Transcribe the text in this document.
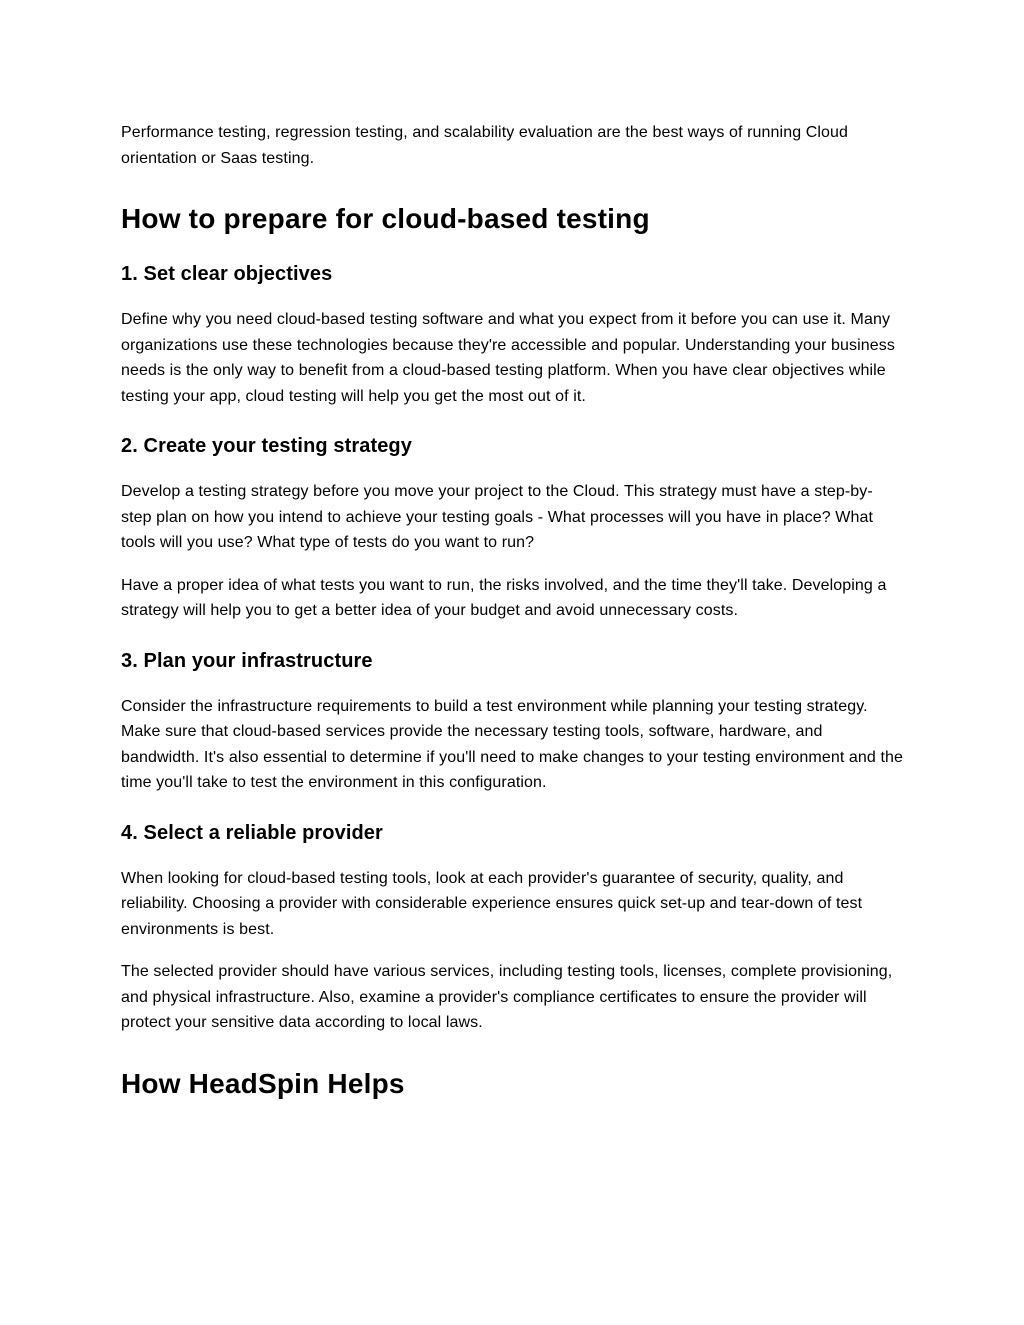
Performance testing, regression testing, and scalability evaluation are the best ways of running Cloud orientation or Saas testing.

How to prepare for cloud-based testing
1. Set clear objectives

Define why you need cloud-based testing software and what you expect from it before you can use it. Many organizations use these technologies because they're accessible and popular. Understanding your business needs is the only way to benefit from a cloud-based testing platform. When you have clear objectives while testing your app, cloud testing will help you get the most out of it.

2. Create your testing strategy

Develop a testing strategy before you move your project to the Cloud. This strategy must have a step-by-step plan on how you intend to achieve your testing goals - What processes will you have in place? What tools will you use? What type of tests do you want to run?

Have a proper idea of what tests you want to run, the risks involved, and the time they'll take. Developing a strategy will help you to get a better idea of your budget and avoid unnecessary costs.

3. Plan your infrastructure

Consider the infrastructure requirements to build a test environment while planning your testing strategy. Make sure that cloud-based services provide the necessary testing tools, software, hardware, and bandwidth. It's also essential to determine if you'll need to make changes to your testing environment and the time you'll take to test the environment in this configuration.

4. Select a reliable provider

When looking for cloud-based testing tools, look at each provider's guarantee of security, quality, and reliability. Choosing a provider with considerable experience ensures quick set-up and tear-down of test environments is best.

The selected provider should have various services, including testing tools, licenses, complete provisioning, and physical infrastructure. Also, examine a provider's compliance certificates to ensure the provider will protect your sensitive data according to local laws.

How HeadSpin Helps
